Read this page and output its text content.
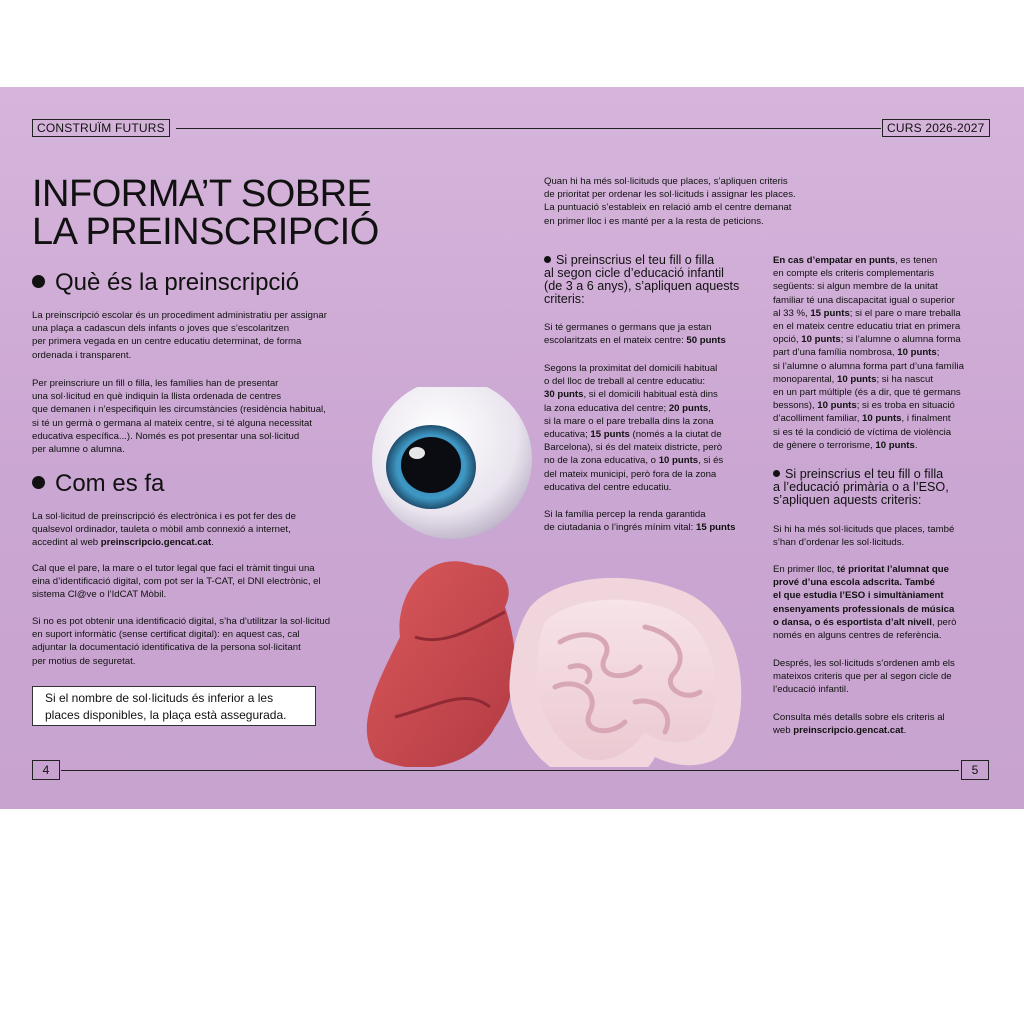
CONSTRUÏM FUTURS	CURS 2026-2027
INFORMA’T SOBRE
LA PREINSCRIPCIÓ
Què és la preinscripció
La preinscripció escolar és un procediment administratiu per assignar
una plaça a cadascun dels infants o joves que s’escolaritzen
per primera vegada en un centre educatiu determinat, de forma
ordenada i transparent.
Per preinscriure un fill o filla, les famílies han de presentar
una sol·licitud en què indiquin la llista ordenada de centres
que demanen i n’especifiquin les circumstàncies (residència habitual,
si té un germà o germana al mateix centre, si té alguna necessitat
educativa específica...). Només es pot presentar una sol·licitud
per alumne o alumna.
Com es fa
La sol·licitud de preinscripció és electrònica i es pot fer des de
qualsevol ordinador, tauleta o mòbil amb connexió a internet,
accedint al web preinscripcio.gencat.cat.
Cal que el pare, la mare o el tutor legal que faci el tràmit tingui una
eina d’identificació digital, com pot ser la T-CAT, el DNI electrònic, el
sistema Cl@ve o l’IdCAT Mòbil.
Si no es pot obtenir una identificació digital, s’ha d’utilitzar la sol·licitud
en suport informàtic (sense certificat digital): en aquest cas, cal
adjuntar la documentació identificativa de la persona sol·licitant
per motius de seguretat.
Si el nombre de sol·licituds és inferior a les
places disponibles, la plaça està assegurada.
Quan hi ha més sol·licituds que places, s’apliquen criteris
de prioritat per ordenar les sol·licituds i assignar les places.
La puntuació s’estableix en relació amb el centre demanat
en primer lloc i es manté per a la resta de peticions.
Si preinscrius el teu fill o filla
al segon cicle d’educació infantil
(de 3 a 6 anys), s’apliquen aquests
criteris:
Si té germanes o germans que ja estan
escolaritzats en el mateix centre: 50 punts
Segons la proximitat del domicili habitual
o del lloc de treball al centre educatiu:
30 punts, si el domicili habitual està dins
la zona educativa del centre; 20 punts,
si la mare o el pare treballa dins la zona
educativa; 15 punts (només a la ciutat de
Barcelona), si és del mateix districte, però
no de la zona educativa, o 10 punts, si és
del mateix municipi, però fora de la zona
educativa del centre educatiu.
Si la família percep la renda garantida
de ciutadania o l’ingrés mínim vital: 15 punts
En cas d’empatar en punts, es tenen
en compte els criteris complementaris
següents: si algun membre de la unitat
familiar té una discapacitat igual o superior
al 33 %, 15 punts; si el pare o mare treballa
en el mateix centre educatiu triat en primera
opció, 10 punts; si l’alumne o alumna forma
part d’una família nombrosa, 10 punts;
si l’alumne o alumna forma part d’una família
monoparental, 10 punts; si ha nascut
en un part múltiple (és a dir, que té germans
bessons), 10 punts; si es troba en situació
d’acolliment familiar, 10 punts, i finalment
si es té la condició de víctima de violència
de gènere o terrorisme, 10 punts.
Si preinscrius el teu fill o filla
a l’educació primària o a l’ESO,
s’apliquen aquests criteris:
Si hi ha més sol·licituds que places, també
s’han d’ordenar les sol·licituds.
En primer lloc, té prioritat l’alumnat que
prové d’una escola adscrita. També
el que estudia l’ESO i simultàniament
ensenyaments professionals de música
o dansa, o és esportista d’alt nivell, però
només en alguns centres de referència.
Després, les sol·licituds s’ordenen amb els
mateixos criteris que per al segon cicle de
l’educació infantil.
Consulta més detalls sobre els criteris al
web preinscripcio.gencat.cat.
4	5
